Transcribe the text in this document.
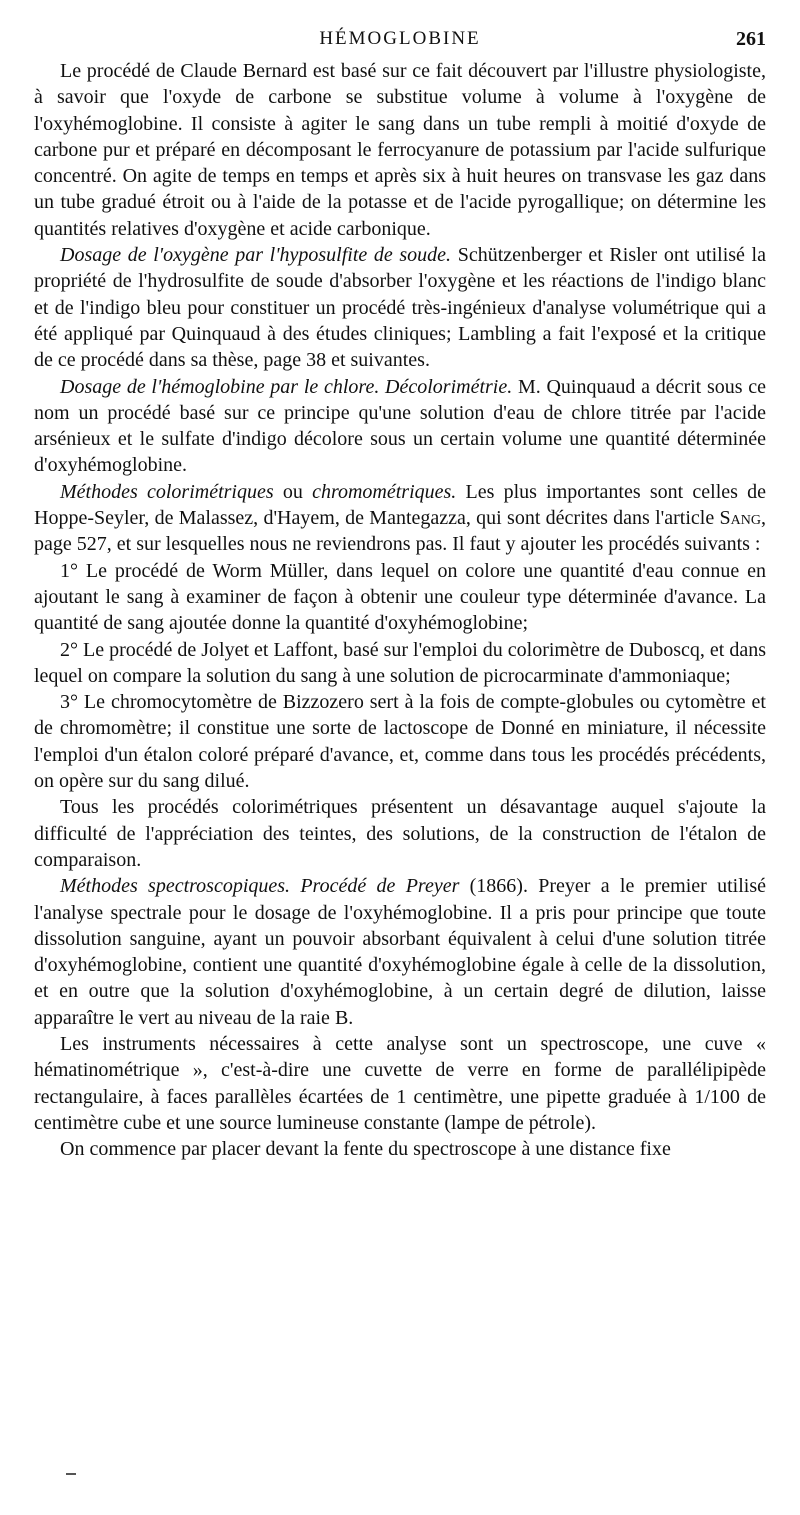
HÉMOGLOBINE	261

Le procédé de Claude Bernard est basé sur ce fait découvert par l'illustre physiologiste, à savoir que l'oxyde de carbone se substitue volume à volume à l'oxygène de l'oxyhémoglobine. Il consiste à agiter le sang dans un tube rempli à moitié d'oxyde de carbone pur et préparé en décomposant le ferrocyanure de potassium par l'acide sulfurique concentré. On agite de temps en temps et après six à huit heures on transvase les gaz dans un tube gradué étroit ou à l'aide de la potasse et de l'acide pyrogallique; on détermine les quantités relatives d'oxygène et acide carbonique.

Dosage de l'oxygène par l'hyposulfite de soude. Schützenberger et Risler ont utilisé la propriété de l'hydrosulfite de soude d'absorber l'oxygène et les réactions de l'indigo blanc et de l'indigo bleu pour constituer un procédé très-ingénieux d'analyse volumétrique qui a été appliqué par Quinquaud à des études cliniques; Lambling a fait l'exposé et la critique de ce procédé dans sa thèse, page 38 et suivantes.

Dosage de l'hémoglobine par le chlore. Décolorimétrie. M. Quinquaud a décrit sous ce nom un procédé basé sur ce principe qu'une solution d'eau de chlore titrée par l'acide arsénieux et le sulfate d'indigo décolore sous un certain volume une quantité déterminée d'oxyhémoglobine.

Méthodes colorimétriques ou chromométriques. Les plus importantes sont celles de Hoppe-Seyler, de Malassez, d'Hayem, de Mantegazza, qui sont décrites dans l'article Sang, page 527, et sur lesquelles nous ne reviendrons pas. Il faut y ajouter les procédés suivants :

1° Le procédé de Worm Müller, dans lequel on colore une quantité d'eau connue en ajoutant le sang à examiner de façon à obtenir une couleur type déterminée d'avance. La quantité de sang ajoutée donne la quantité d'oxyhémoglobine;

2° Le procédé de Jolyet et Laffont, basé sur l'emploi du colorimètre de Duboscq, et dans lequel on compare la solution du sang à une solution de picrocarminate d'ammoniaque;

3° Le chromocytomètre de Bizzozero sert à la fois de compte-globules ou cytomètre et de chromomètre; il constitue une sorte de lactoscope de Donné en miniature, il nécessite l'emploi d'un étalon coloré préparé d'avance, et, comme dans tous les procédés précédents, on opère sur du sang dilué.

Tous les procédés colorimétriques présentent un désavantage auquel s'ajoute la difficulté de l'appréciation des teintes, des solutions, de la construction de l'étalon de comparaison.

Méthodes spectroscopiques. Procédé de Preyer (1866). Preyer a le premier utilisé l'analyse spectrale pour le dosage de l'oxyhémoglobine. Il a pris pour principe que toute dissolution sanguine, ayant un pouvoir absorbant équivalent à celui d'une solution titrée d'oxyhémoglobine, contient une quantité d'oxyhémoglobine égale à celle de la dissolution, et en outre que la solution d'oxyhémoglobine, à un certain degré de dilution, laisse apparaître le vert au niveau de la raie B.

Les instruments nécessaires à cette analyse sont un spectroscope, une cuve « hématinométrique », c'est-à-dire une cuvette de verre en forme de parallélipipède rectangulaire, à faces parallèles écartées de 1 centimètre, une pipette graduée à 1/100 de centimètre cube et une source lumineuse constante (lampe de pétrole).

On commence par placer devant la fente du spectroscope à une distance fixe
